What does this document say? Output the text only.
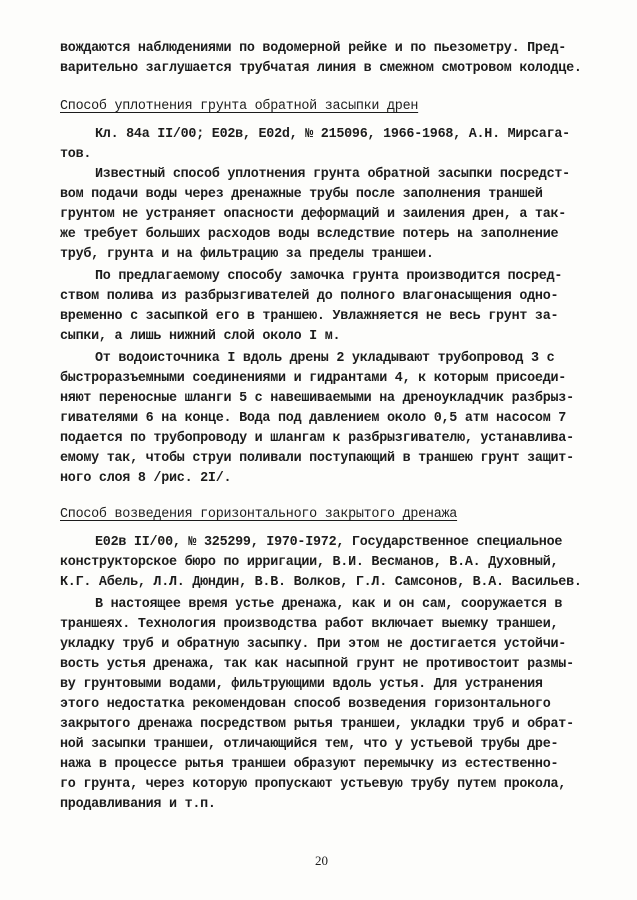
вождаются наблюдениями по водомерной рейке и по пьезометру. Пред-
варительно заглушается трубчатая линия в смежном смотровом колодце.
Способ уплотнения грунта обратной засыпки дрен
Кл. 84а II/00; Е02в, Е02d, № 215096, 1966-1968, А.Н. Мирсага-
тов.
Известный способ уплотнения грунта обратной засыпки посредст-
вом подачи воды через дренажные трубы после заполнения траншей
грунтом не устраняет опасности деформаций и заиления дрен, а так-
же требует больших расходов воды вследствие потерь на заполнение
труб, грунта и на фильтрацию за пределы траншеи.
По предлагаемому способу замочка грунта производится посред-
ством полива из разбрызгивателей до полного влагонасыщения одно-
временно с засыпкой его в траншею. Увлажняется не весь грунт за-
сыпки, а лишь нижний слой около I м.
От водоисточника I вдоль дрены 2 укладывают трубопровод 3 с
быстроразъемными соединениями и гидрантами 4, к которым присоеди-
няют переносные шланги 5 с навешиваемыми на дреноукладчик разбрыз-
гивателями 6 на конце. Вода под давлением около 0,5 атм насосом 7
подается по трубопроводу и шлангам к разбрызгивателю, устанавлива-
емому так, чтобы струи поливали поступающий в траншею грунт защит-
ного слоя 8 /рис. 2I/.
Способ возведения горизонтального закрытого дренажа
Е02в II/00, № 325299, I970-I972, Государственное специальное
конструкторское бюро по ирригации, В.И. Весманов, В.А. Духовный,
К.Г. Абель, Л.Л. Дюндин, В.В. Волков, Г.Л. Самсонов, В.А. Васильев.
В настоящее время устье дренажа, как и он сам, сооружается в
траншеях. Технология производства работ включает выемку траншеи,
укладку труб и обратную засыпку. При этом не достигается устойчи-
вость устья дренажа, так как насыпной грунт не противостоит размы-
ву грунтовыми водами, фильтрующими вдоль устья. Для устранения
этого недостатка рекомендован способ возведения горизонтального
закрытого дренажа посредством рытья траншеи, укладки труб и обрат-
ной засыпки траншеи, отличающийся тем, что у устьевой трубы дре-
нажа в процессе рытья траншеи образуют перемычку из естественно-
го грунта, через которую пропускают устьевую трубу путем прокола,
продавливания и т.п.
20
